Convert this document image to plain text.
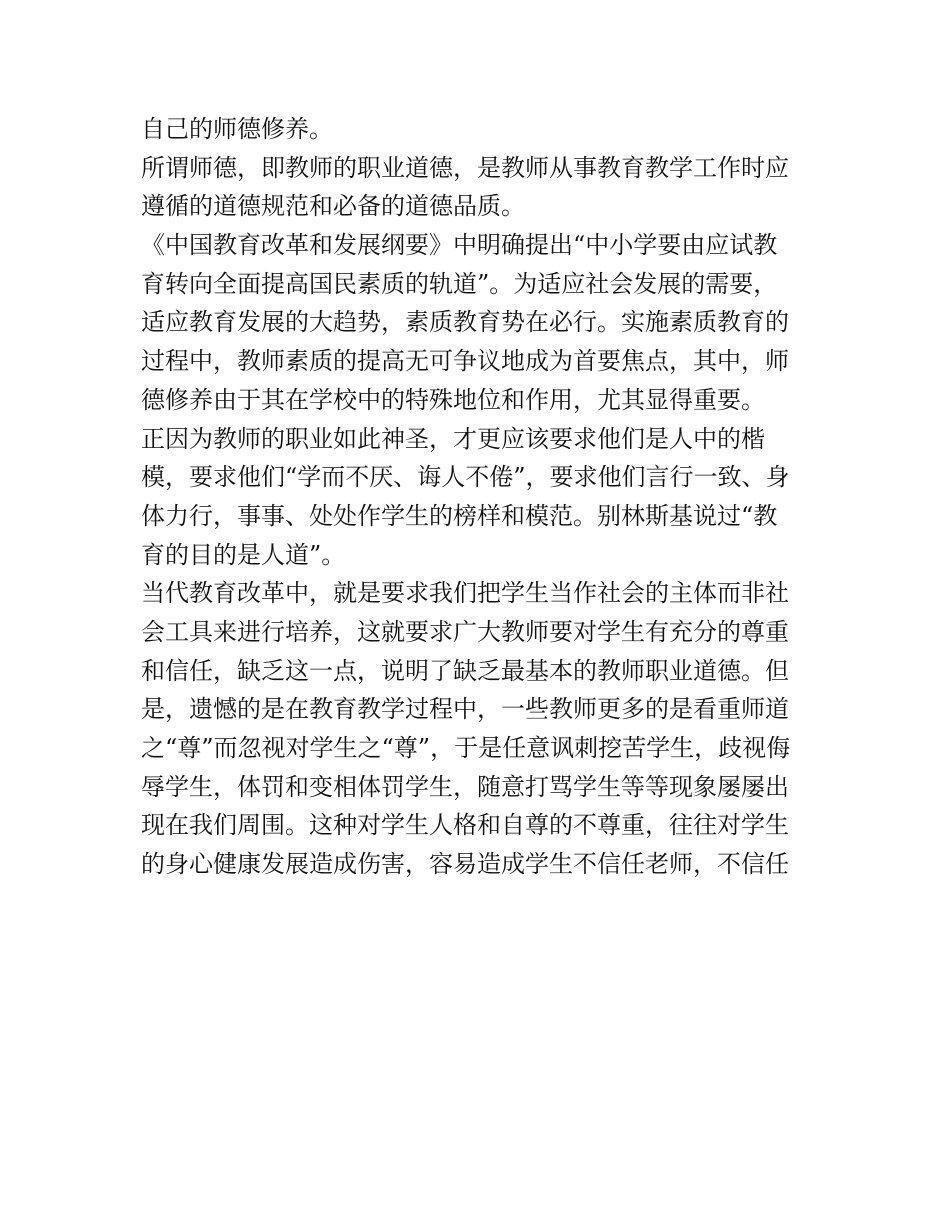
自己的师德修养。

所谓师德，即教师的职业道德，是教师从事教育教学工作时应
遵循的道德规范和必备的道德品质。

《中国教育改革和发展纲要》中明确提出“中小学要由应试教
育转向全面提高国民素质的轨道”。为适应社会发展的需要，
适应教育发展的大趋势，素质教育势在必行。实施素质教育的
过程中，教师素质的提高无可争议地成为首要焦点，其中，师
德修养由于其在学校中的特殊地位和作用，尤其显得重要。

正因为教师的职业如此神圣，才更应该要求他们是人中的楷
模，要求他们“学而不厌、诲人不倦”，要求他们言行一致、身
体力行，事事、处处作学生的榜样和模范。别林斯基说过“教
育的目的是人道”。

当代教育改革中，就是要求我们把学生当作社会的主体而非社
会工具来进行培养，这就要求广大教师要对学生有充分的尊重
和信任，缺乏这一点，说明了缺乏最基本的教师职业道德。但
是，遗憾的是在教育教学过程中，一些教师更多的是看重师道
之“尊”而忽视对学生之“尊”，于是任意讽刺挖苦学生，歧视侮
辱学生，体罚和变相体罚学生，随意打骂学生等等现象屡屡出
现在我们周围。这种对学生人格和自尊的不尊重，往往对学生
的身心健康发展造成伤害，容易造成学生不信任老师，不信任
